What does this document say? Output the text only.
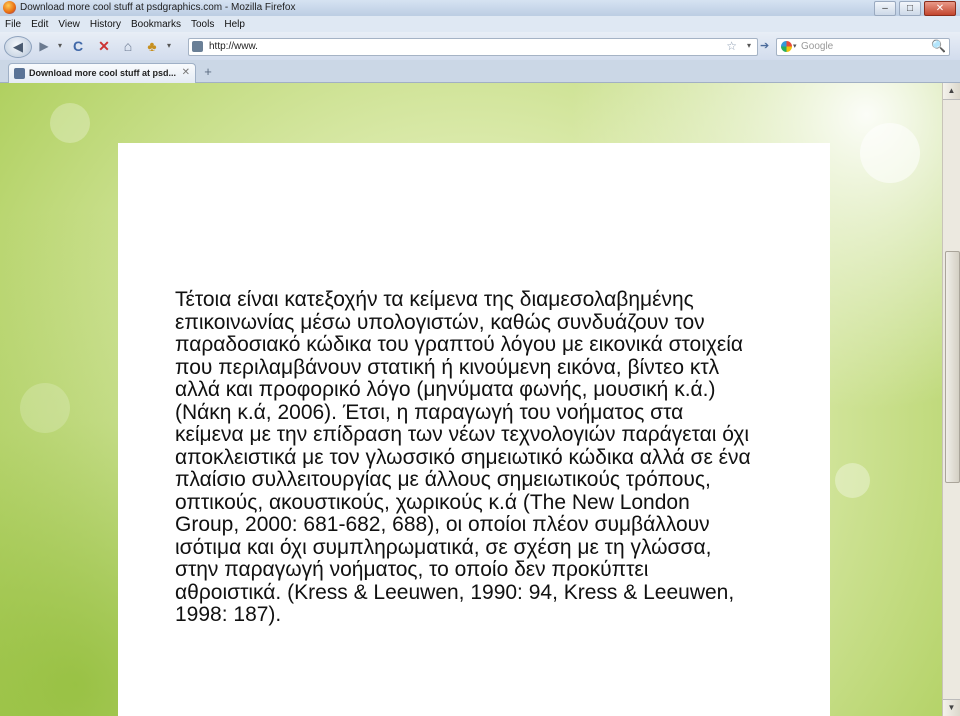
Download more cool stuff at psdgraphics.com - Mozilla Firefox	–	□	✕
File	Edit	View	History	Bookmarks	Tools	Help
◀	▶	▾ C	✕ ⌂	♣	▾	http://www.	☆ ▾ ➔	▾ Google	🔍
Download more cool stuff at psd... ✕	+

Τέτοια είναι κατεξοχήν τα κείμενα της διαμεσολαβημένης
επικοινωνίας μέσω υπολογιστών, καθώς συνδυάζουν τον
παραδοσιακό κώδικα του γραπτού λόγου με εικονικά στοιχεία
που περιλαμβάνουν στατική ή κινούμενη εικόνα, βίντεο κτλ
αλλά και προφορικό λόγο (μηνύματα φωνής, μουσική κ.ά.)
(Νάκη κ.ά, 2006). Έτσι, η παραγωγή του νοήματος στα
κείμενα με την επίδραση των νέων τεχνολογιών παράγεται όχι
αποκλειστικά με τον γλωσσικό σημειωτικό κώδικα αλλά σε ένα
πλαίσιο συλλειτουργίας με άλλους σημειωτικούς τρόπους,
οπτικούς, ακουστικούς, χωρικούς κ.ά (The New London
Group, 2000: 681-682, 688), οι οποίοι πλέον συμβάλλουν
ισότιμα και όχι συμπληρωματικά, σε σχέση με τη γλώσσα,
στην παραγωγή νοήματος, το οποίο δεν προκύπτει
αθροιστικά. (Kress & Leeuwen, 1990: 94, Kress & Leeuwen,
1998: 187).

▲
▼
